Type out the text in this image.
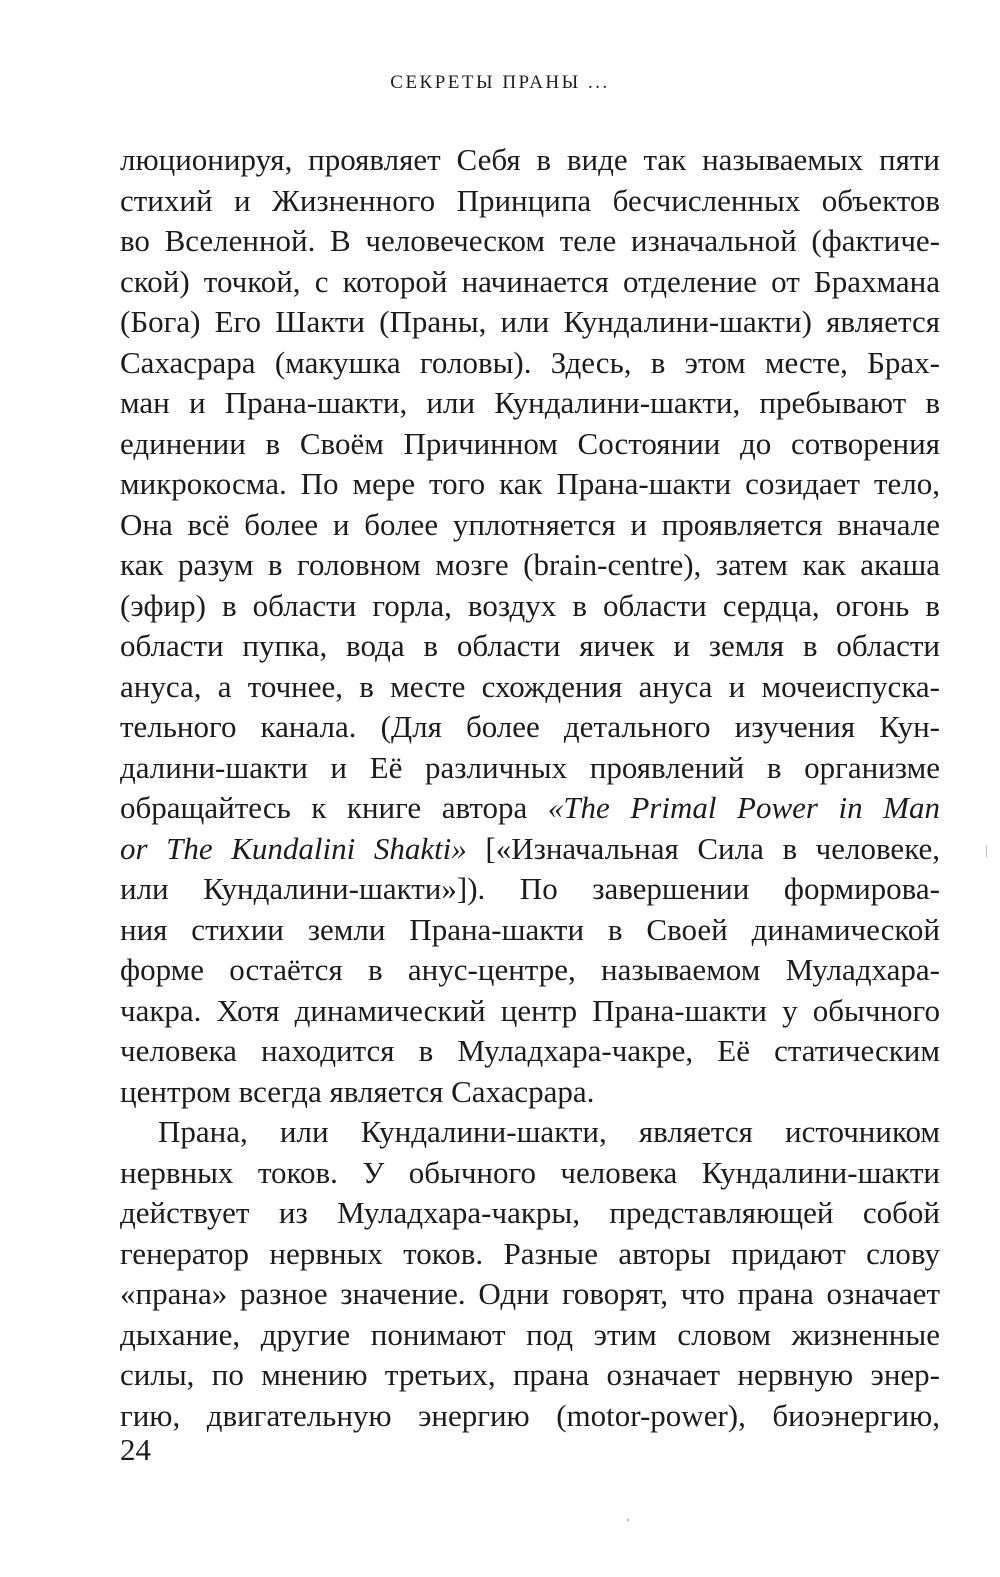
СЕКРЕТЫ ПРАНЫ ...
люционируя, проявляет Себя в виде так называемых пяти
стихий и Жизненного Принципа бесчисленных объектов
во Вселенной. В человеческом теле изначальной (фактиче-
ской) точкой, с которой начинается отделение от Брахмана
(Бога) Его Шакти (Праны, или Кундалини-шакти) является
Сахасрара (макушка головы). Здесь, в этом месте, Брах-
ман и Прана-шакти, или Кундалини-шакти, пребывают в
единении в Своём Причинном Состоянии до сотворения
микрокосма. По мере того как Прана-шакти созидает тело,
Она всё более и более уплотняется и проявляется вначале
как разум в головном мозге (brain-centre), затем как акаша
(эфир) в области горла, воздух в области сердца, огонь в
области пупка, вода в области яичек и земля в области
ануса, а точнее, в месте схождения ануса и мочеиспуска-
тельного канала. (Для более детального изучения Кун-
далини-шакти и Её различных проявлений в организме
обращайтесь к книге автора «The Primal Power in Man
or The Kundalini Shakti» [«Изначальная Сила в человеке,
или Кундалини-шакти»]). По завершении формирова-
ния стихии земли Прана-шакти в Своей динамической
форме остаётся в анус-центре, называемом Муладхара-
чакра. Хотя динамический центр Прана-шакти у обычного
человека находится в Муладхара-чакре, Её статическим
центром всегда является Сахасрара.
Прана, или Кундалини-шакти, является источником
нервных токов. У обычного человека Кундалини-шакти
действует из Муладхара-чакры, представляющей собой
генератор нервных токов. Разные авторы придают слову
«прана» разное значение. Одни говорят, что прана означает
дыхание, другие понимают под этим словом жизненные
силы, по мнению третьих, прана означает нервную энер-
гию, двигательную энергию (motor-power), биоэнергию,
24
